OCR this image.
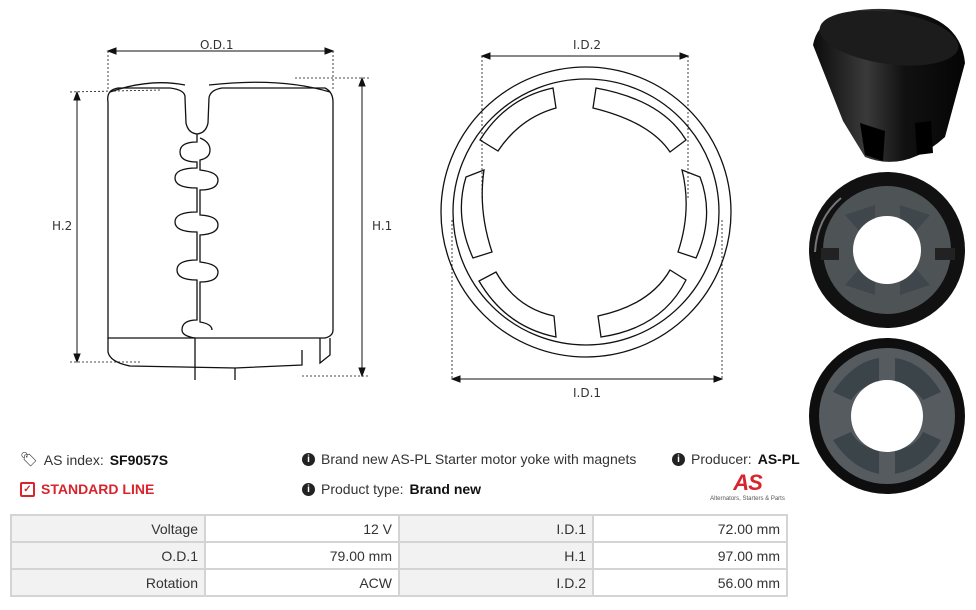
O.D.1
H.2	H.1
I.D.2
I.D.1
🏷 AS index: SF9057S	i Brand new AS-PL Starter motor yoke with magnets	i Producer: AS-PL
✓ STANDARD LINE	i Product type: Brand new	AS
Alternators, Starters & Parts
Voltage	12 V	I.D.1	72.00 mm
O.D.1	79.00 mm	H.1	97.00 mm
Rotation	ACW	I.D.2	56.00 mm
